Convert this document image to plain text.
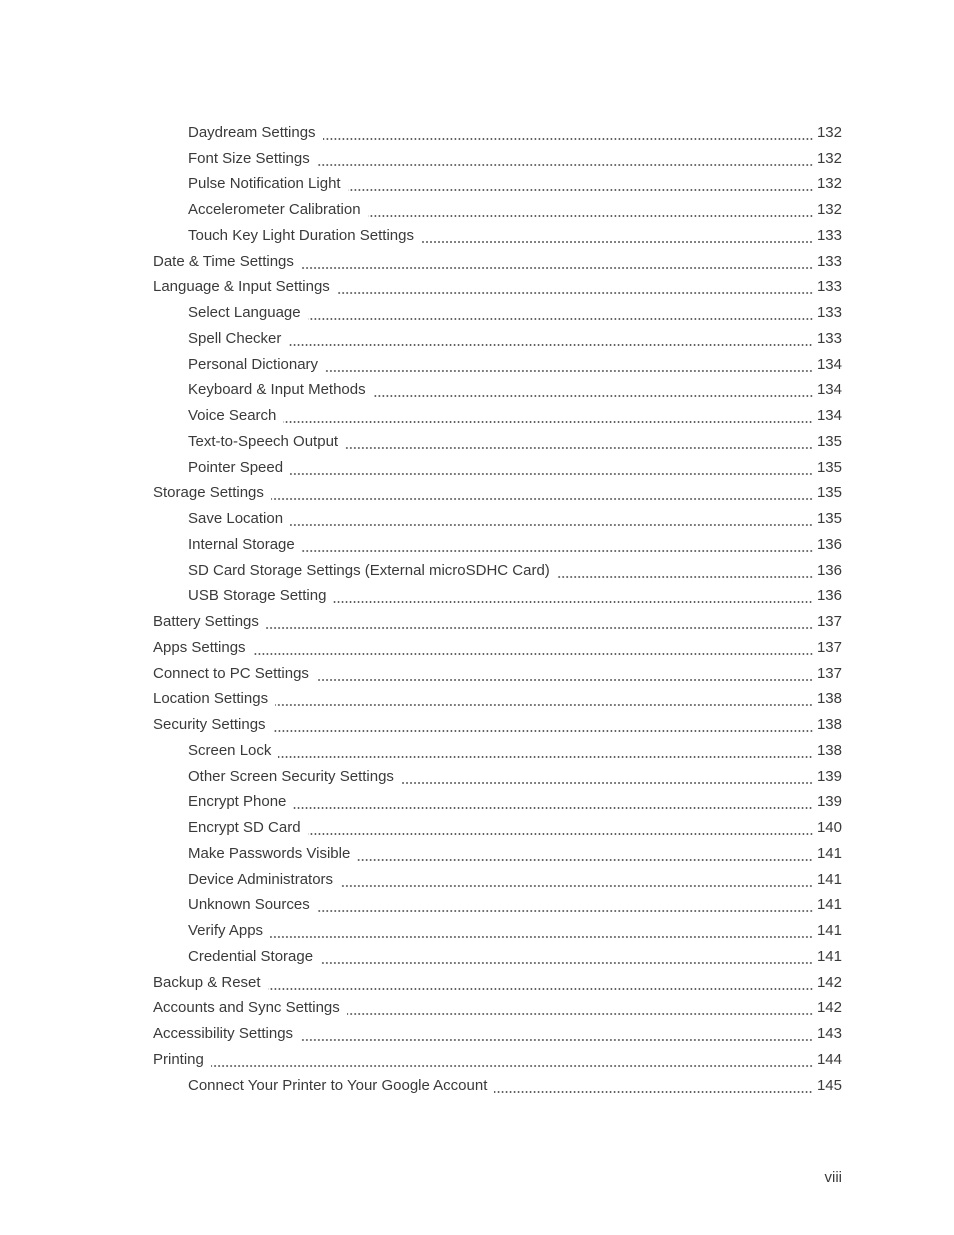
Daydream Settings	132
Font Size Settings	132
Pulse Notification Light	132
Accelerometer Calibration	132
Touch Key Light Duration Settings	133
Date & Time Settings	133
Language & Input Settings	133
Select Language	133
Spell Checker	133
Personal Dictionary	134
Keyboard & Input Methods	134
Voice Search	134
Text-to-Speech Output	135
Pointer Speed	135
Storage Settings	135
Save Location	135
Internal Storage	136
SD Card Storage Settings (External microSDHC Card)	136
USB Storage Setting	136
Battery Settings	137
Apps Settings	137
Connect to PC Settings	137
Location Settings	138
Security Settings	138
Screen Lock	138
Other Screen Security Settings	139
Encrypt Phone	139
Encrypt SD Card	140
Make Passwords Visible	141
Device Administrators	141
Unknown Sources	141
Verify Apps	141
Credential Storage	141
Backup & Reset	142
Accounts and Sync Settings	142
Accessibility Settings	143
Printing	144
Connect Your Printer to Your Google Account	145
viii
